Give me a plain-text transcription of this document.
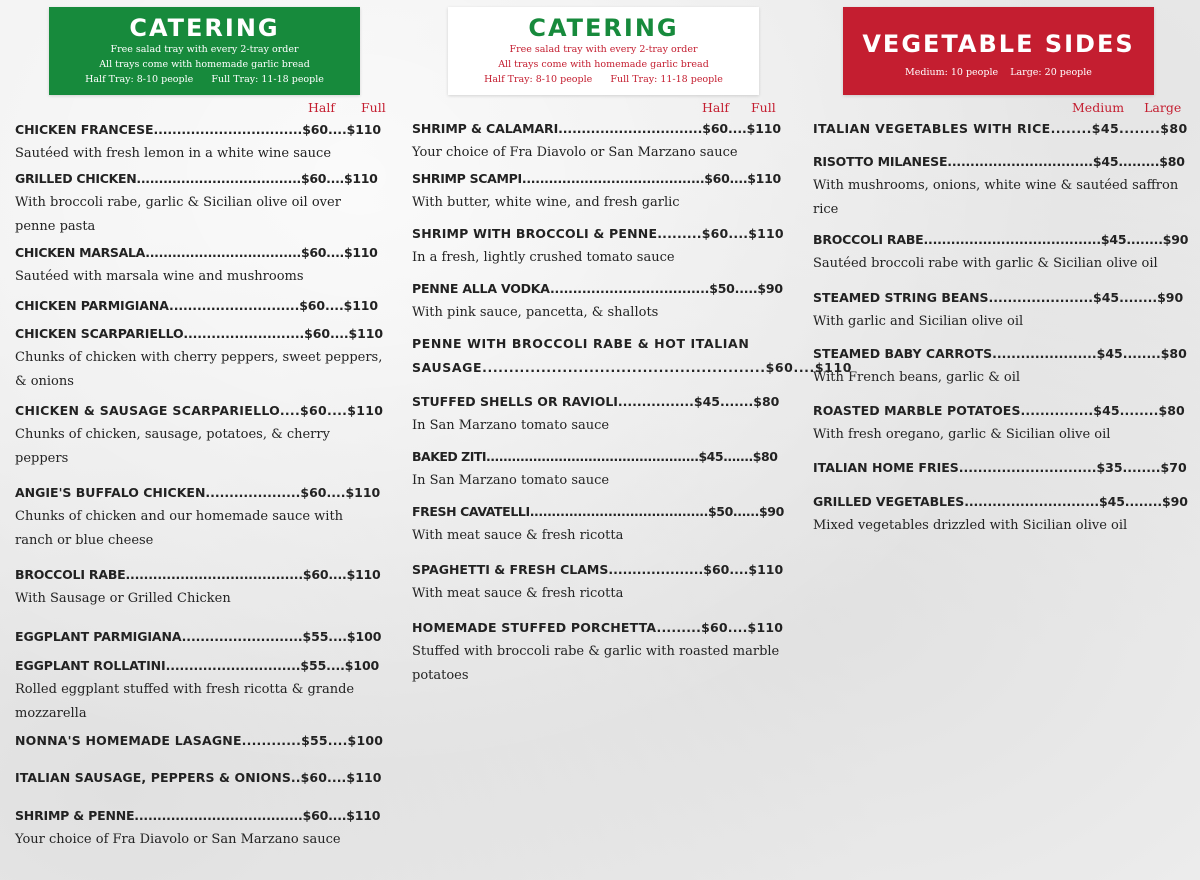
CATERING
Free salad tray with every 2-tray order
All trays come with homemade garlic bread
Half Tray: 8-10 people      Full Tray: 11-18 people
CATERING
Free salad tray with every 2-tray order
All trays come with homemade garlic bread
Half Tray: 8-10 people      Full Tray: 11-18 people
VEGETABLE SIDES
Medium: 10 people    Large: 20 people
Half Full	Half Full	Medium Large
CHICKEN FRANCESE................................$60....$110
Sautéed with fresh lemon in a white wine sauce
GRILLED CHICKEN.....................................$60....$110
With broccoli rabe, garlic & Sicilian olive oil over penne pasta
CHICKEN MARSALA...................................$60....$110
Sautéed with marsala wine and mushrooms
CHICKEN PARMIGIANA............................$60....$110
CHICKEN SCARPARIELLO..........................$60....$110
Chunks of chicken with cherry peppers, sweet peppers, & onions
CHICKEN & SAUSAGE SCARPARIELLO....$60....$110
Chunks of chicken, sausage, potatoes, & cherry peppers
ANGIE'S BUFFALO CHICKEN....................$60....$110
Chunks of chicken and our homemade sauce with ranch or blue cheese
BROCCOLI RABE.......................................$60....$110
With Sausage or Grilled Chicken
EGGPLANT PARMIGIANA..........................$55....$100
EGGPLANT ROLLATINI.............................$55....$100
Rolled eggplant stuffed with fresh ricotta & grande mozzarella
NONNA'S HOMEMADE LASAGNE............$55....$100
ITALIAN SAUSAGE, PEPPERS & ONIONS..$60....$110
SHRIMP & PENNE.....................................$60....$110
Your choice of Fra Diavolo or San Marzano sauce
SHRIMP & CALAMARI...............................$60....$110
Your choice of Fra Diavolo or San Marzano sauce
SHRIMP SCAMPI.........................................$60....$110
With butter, white wine, and fresh garlic
SHRIMP WITH BROCCOLI & PENNE.........$60....$110
In a fresh, lightly crushed tomato sauce
PENNE ALLA VODKA...................................$50.....$90
With pink sauce, pancetta, & shallots
PENNE WITH BROCCOLI RABE & HOT ITALIAN SAUSAGE.....................................................$60....$110
STUFFED SHELLS OR RAVIOLI................$45.......$80
In San Marzano tomato sauce
BAKED ZITI..................................................$45.......$80
In San Marzano tomato sauce
FRESH CAVATELLI.........................................$50......$90
With meat sauce & fresh ricotta
SPAGHETTI & FRESH CLAMS....................$60....$110
With meat sauce & fresh ricotta
HOMEMADE STUFFED PORCHETTA.........$60....$110
Stuffed with broccoli rabe & garlic with roasted marble potatoes
ITALIAN VEGETABLES WITH RICE........$45........$80
RISOTTO MILANESE................................$45.........$80
With mushrooms, onions, white wine & sautéed saffron rice
BROCCOLI RABE.......................................$45........$90
Sautéed broccoli rabe with garlic & Sicilian olive oil
STEAMED STRING BEANS......................$45........$90
With garlic and Sicilian olive oil
STEAMED BABY CARROTS......................$45........$80
With French beans, garlic & oil
ROASTED MARBLE POTATOES...............$45........$80
With fresh oregano, garlic & Sicilian olive oil
ITALIAN HOME FRIES.............................$35........$70
GRILLED VEGETABLES.............................$45........$90
Mixed vegetables drizzled with Sicilian olive oil
